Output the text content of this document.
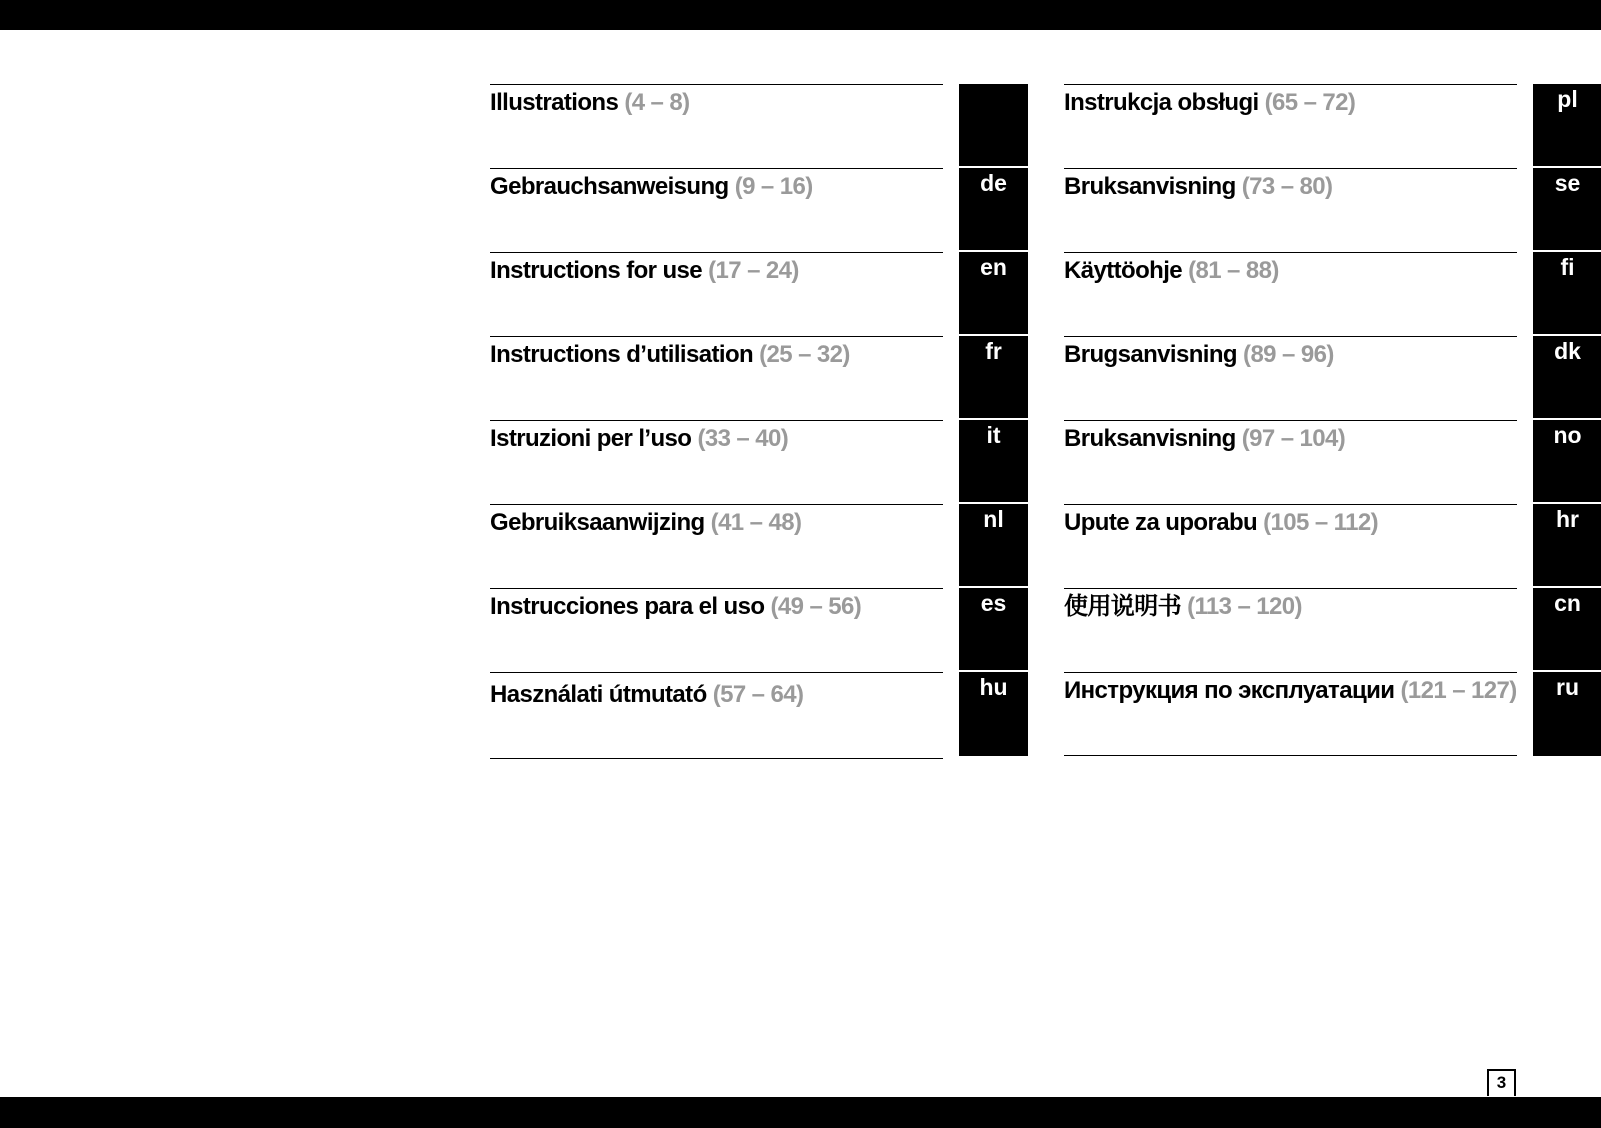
Illustrations (4 – 8)
Gebrauchsanweisung (9 – 16)	de
Instructions for use (17 – 24)	en
Instructions d’utilisation (25 – 32)	fr
Istruzioni per l’uso (33 – 40)	it
Gebruiksaanwijzing (41 – 48)	nl
Instrucciones para el uso (49 – 56)	es
Használati útmutató (57 – 64)	hu
Instrukcja obsługi (65 – 72)	pl
Bruksanvisning (73 – 80)	se
Käyttöohje (81 – 88)	fi
Brugsanvisning (89 – 96)	dk
Bruksanvisning (97 – 104)	no
Upute za uporabu (105 – 112)	hr
使用说明书 (113 – 120)	cn
Инструкция по эксплуатации (121 – 127)	ru
3
